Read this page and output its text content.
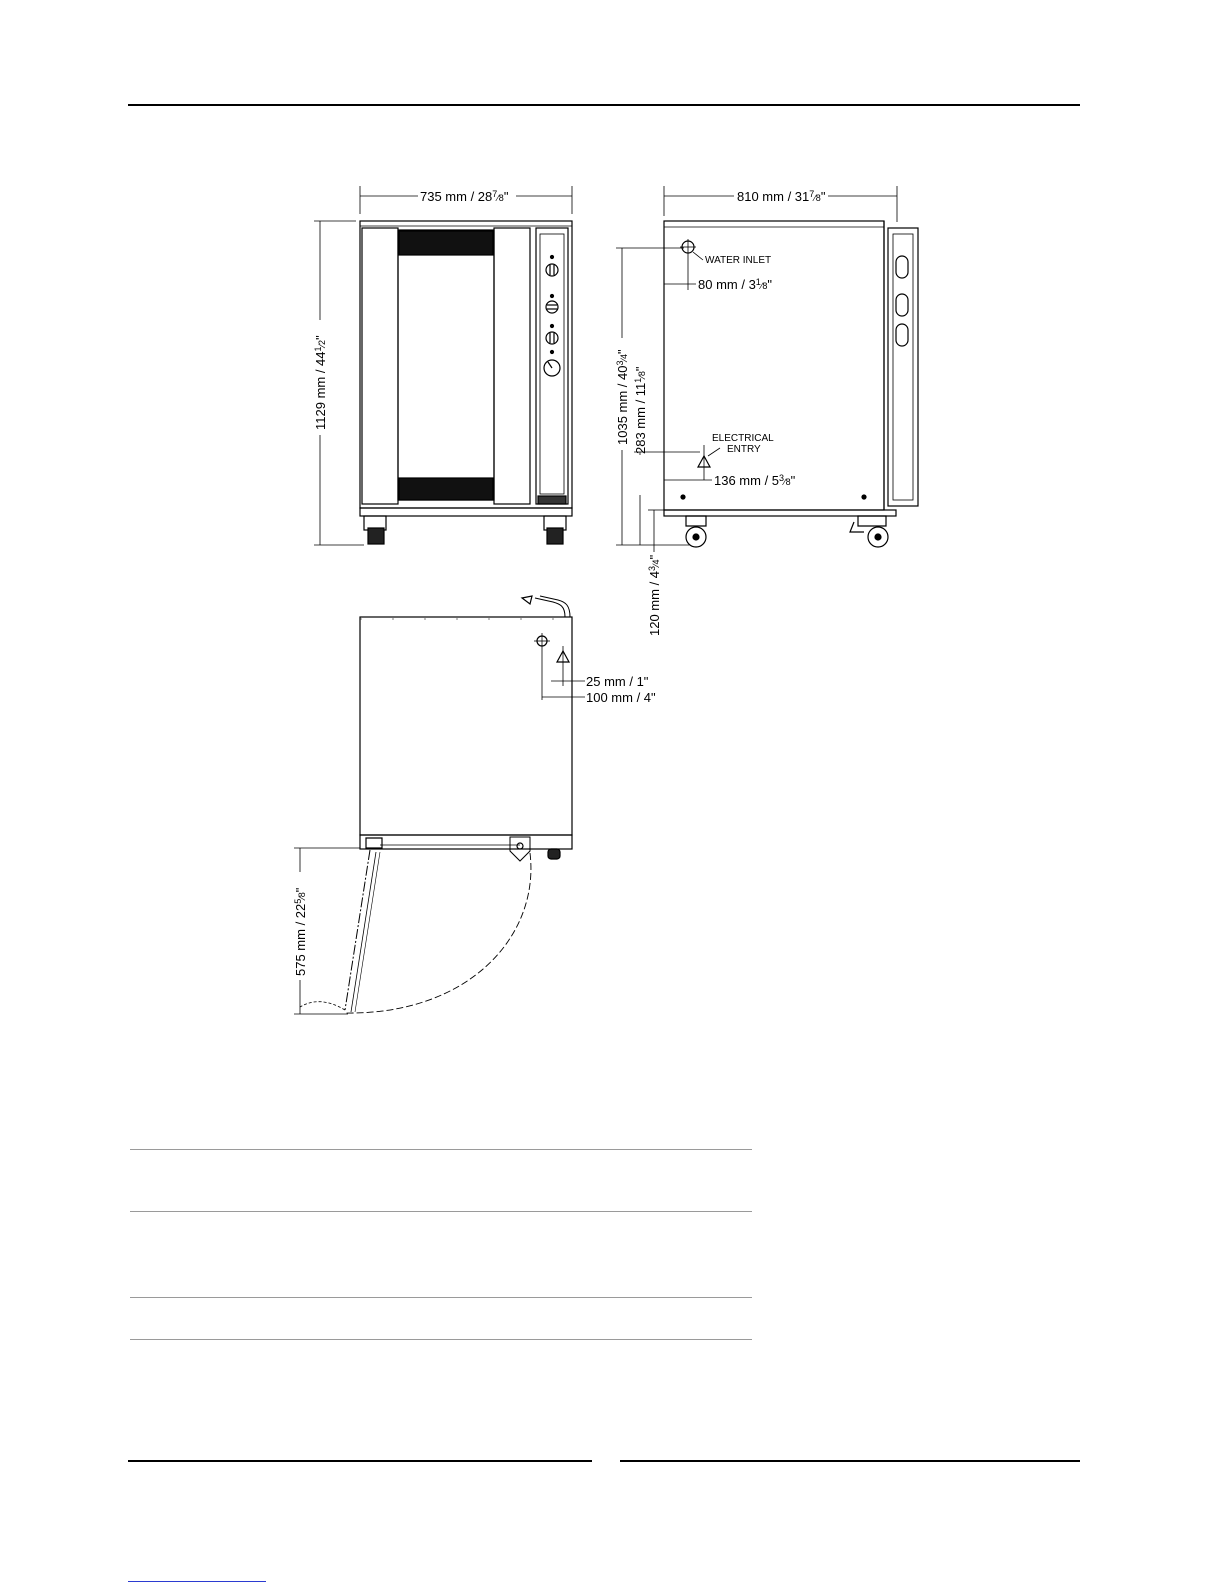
735 mm / $28^7_⁄8$"
1129 mm / $44^1_⁄2$"
810 mm / $31^7_⁄8$"
WATER INLET
80 mm / $3^1_⁄8$"
ELECTRICAL
ENTRY
136 mm / $5^3_⁄8$"
1035 mm / $40^3_⁄4$"
283 mm / $11^1_⁄8$"
120 mm / $4^3_⁄4$"
25 mm / 1"
100 mm / 4"
575 mm / $22^5_⁄8$"
